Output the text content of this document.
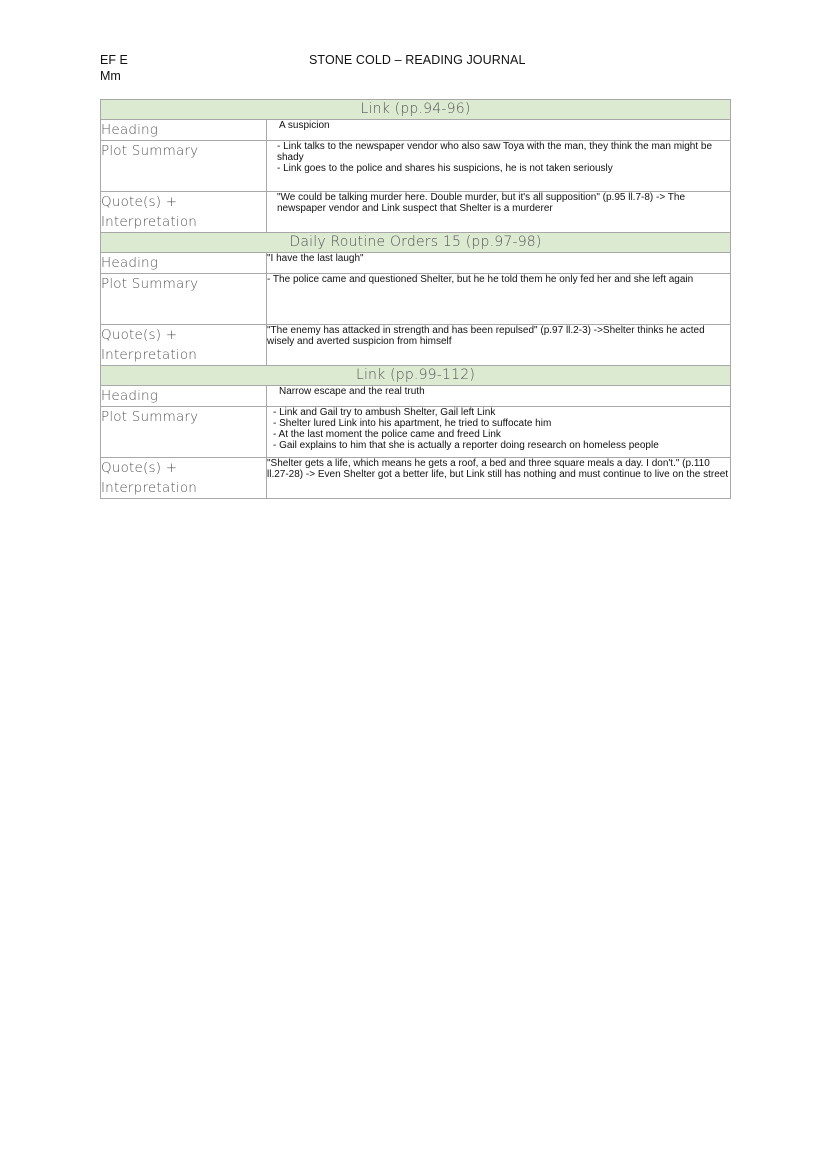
EF E
Mm
STONE COLD – READING JOURNAL
Link (pp.94-96)	
Heading	A suspicion
Plot Summary	- Link talks to the newspaper vendor who also saw Toya with the man, they think the man might be shady
- Link goes to the police and shares his suspicions, he is not taken seriously

Quote(s) +
Interpretation	"We could be talking murder here. Double murder, but it's all supposition" (p.95 ll.7-8) -> The newspaper vendor and Link suspect that Shelter is a murderer
Daily Routine Orders 15 (pp.97-98)	
Heading	"I have the last laugh"
Plot Summary	- The police came and questioned Shelter, but he he told them he only fed her and she left again

Quote(s) +
Interpretation	"The enemy has attacked in strength and has been repulsed" (p.97 ll.2-3) ->Shelter thinks he acted wisely and averted suspicion from himself
Link (pp.99-112)	
Heading	Narrow escape and the real truth
Plot Summary	- Link and Gail try to ambush Shelter, Gail left Link
- Shelter lured Link into his apartment, he tried to suffocate him
- At the last moment the police came and freed Link
- Gail explains to him that she is actually a reporter doing research on homeless people

Quote(s) +
Interpretation	"Shelter gets a life, which means he gets a roof, a bed and three square meals a day. I don't." (p.110 ll.27-28) -> Even Shelter got a better life, but Link still has nothing and must continue to live on the street
